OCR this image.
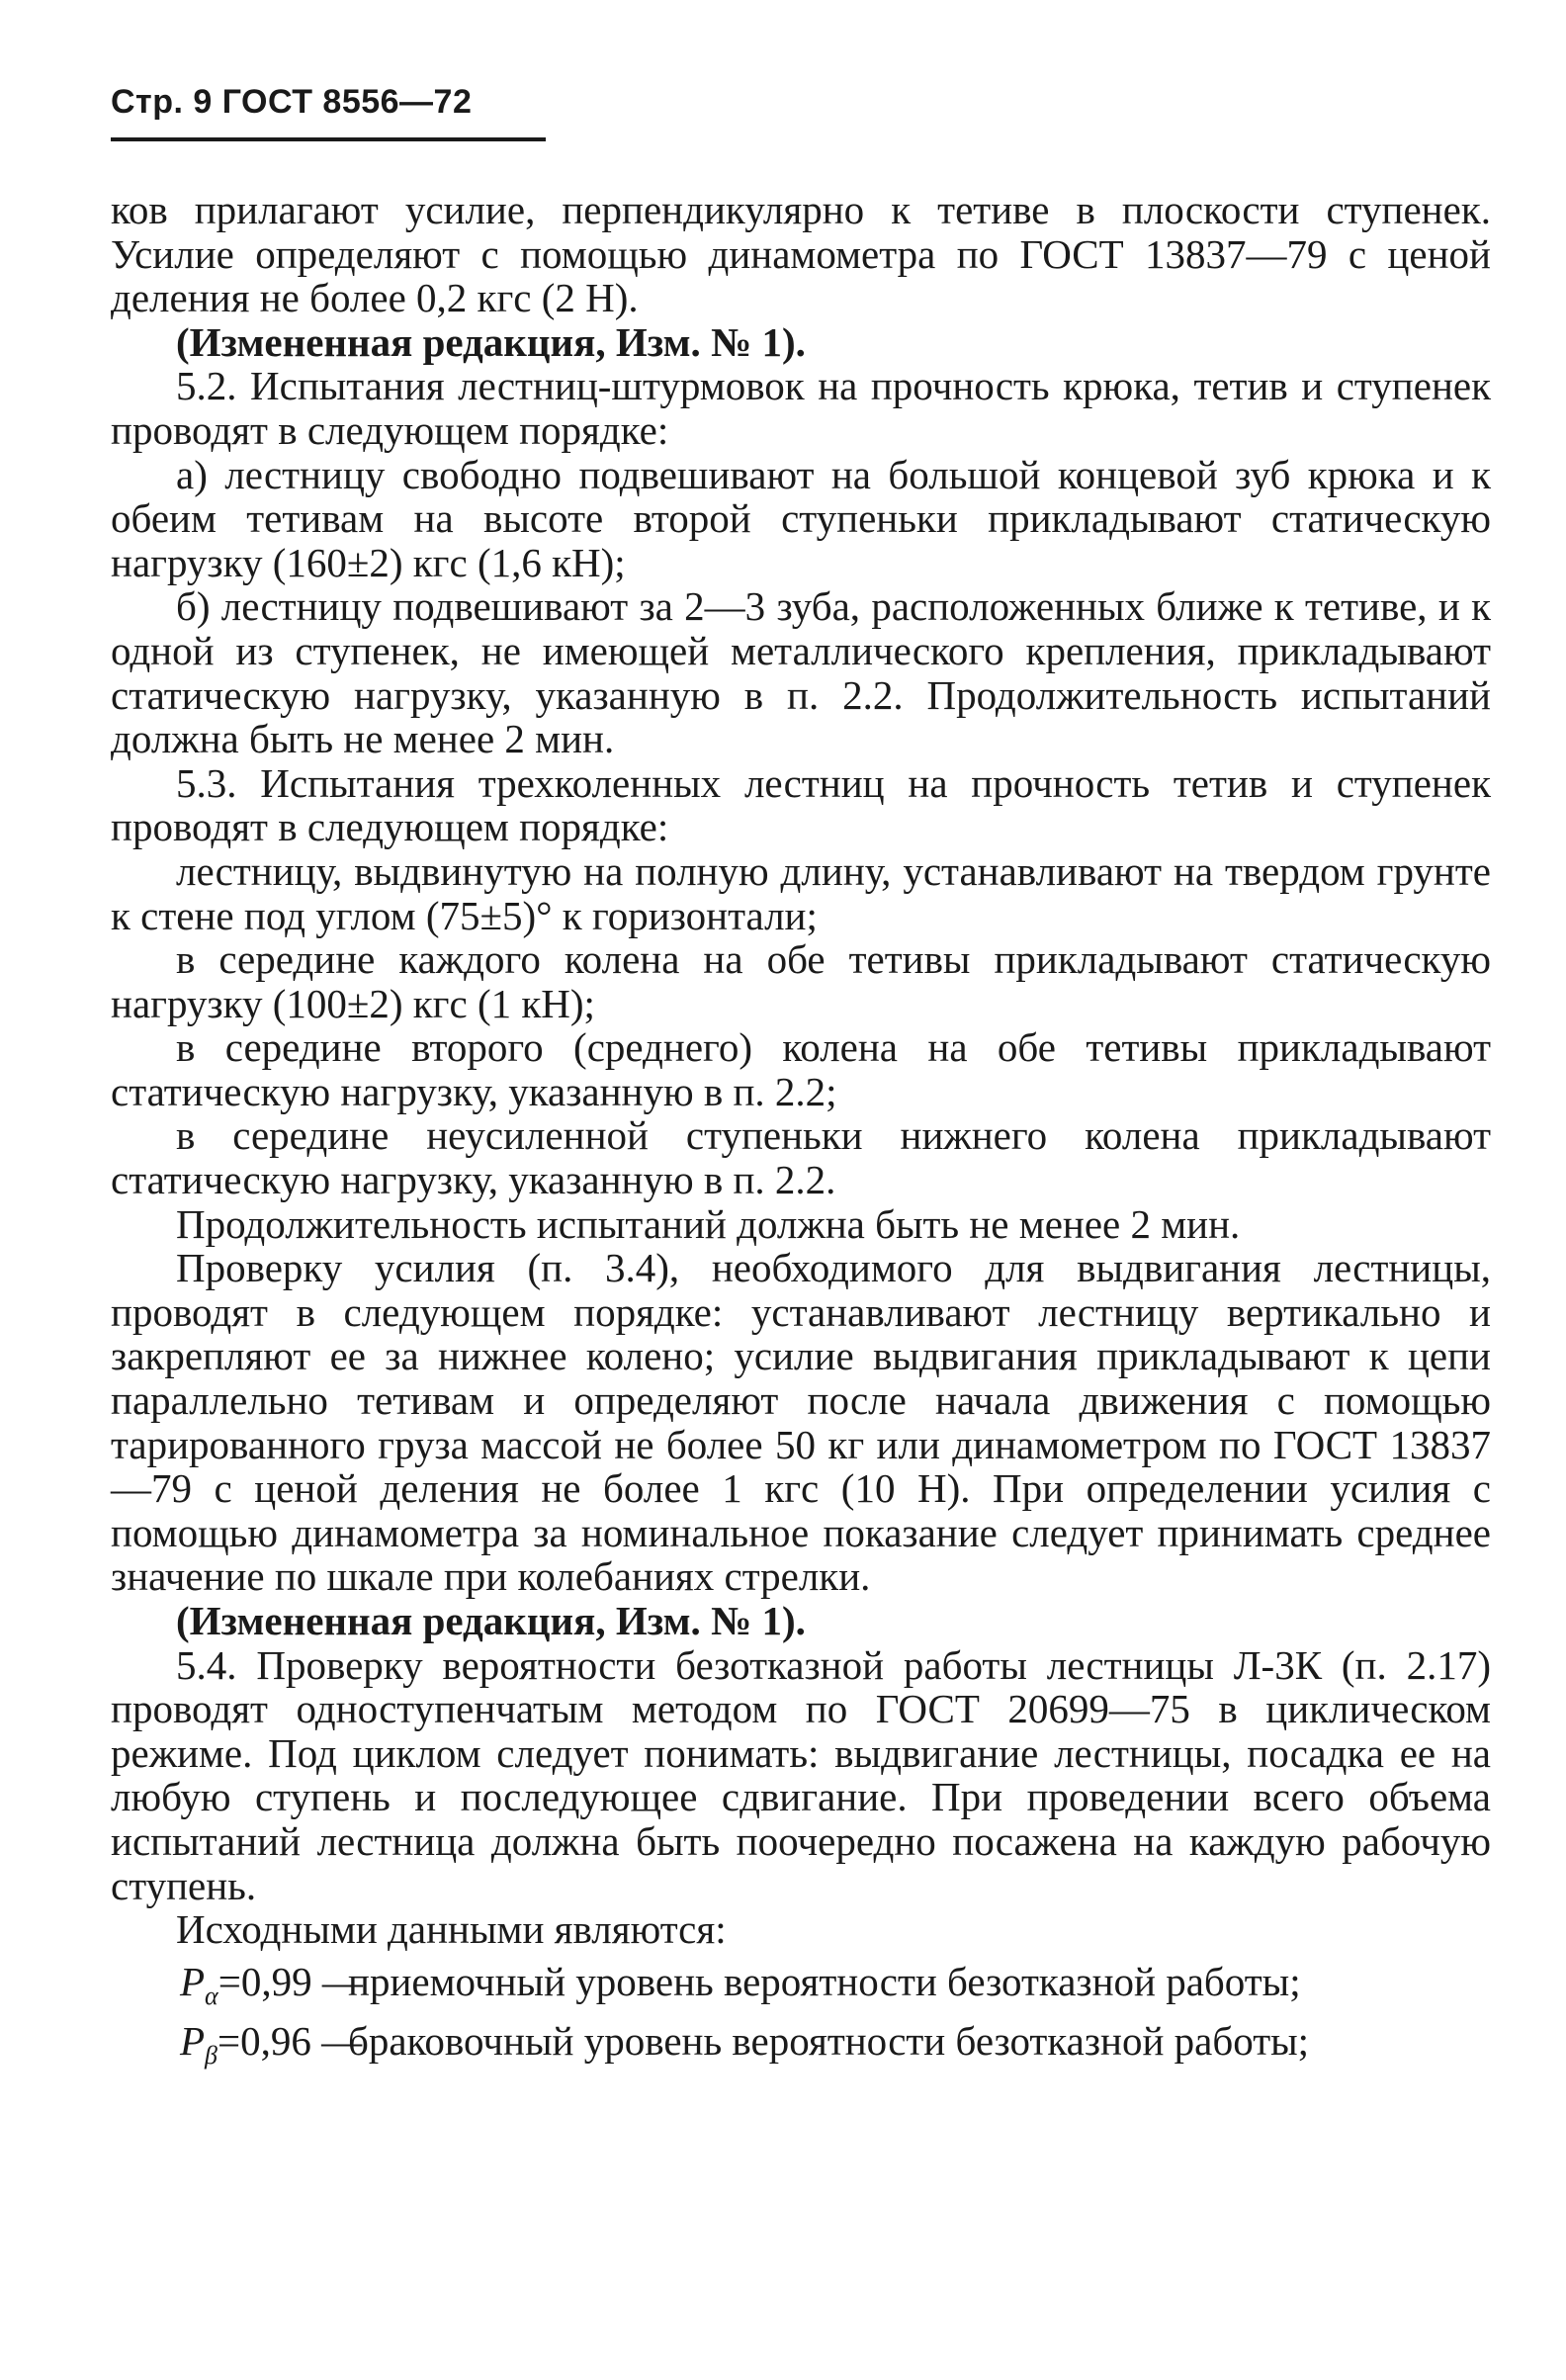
Стр. 9 ГОСТ 8556—72

ков прилагают усилие, перпендикулярно к тетиве в плоскости ступенек. Усилие определяют с помощью динамометра по ГОСТ 13837—79 с ценой деления не более 0,2 кгс (2 Н).

(Измененная редакция, Изм. № 1).

5.2. Испытания лестниц-штурмовок на прочность крюка, тетив и ступенек проводят в следующем порядке:

а) лестницу свободно подвешивают на большой концевой зуб крюка и к обеим тетивам на высоте второй ступеньки прикладывают статическую нагрузку (160±2) кгс (1,6 кН);

б) лестницу подвешивают за 2—3 зуба, расположенных ближе к тетиве, и к одной из ступенек, не имеющей металлического крепления, прикладывают статическую нагрузку, указанную в п. 2.2. Продолжительность испытаний должна быть не менее 2 мин.

5.3. Испытания трехколенных лестниц на прочность тетив и ступенек проводят в следующем порядке:

лестницу, выдвинутую на полную длину, устанавливают на твердом грунте к стене под углом (75±5)° к горизонтали;

в середине каждого колена на обе тетивы прикладывают статическую нагрузку (100±2) кгс (1 кН);

в середине второго (среднего) колена на обе тетивы прикладывают статическую нагрузку, указанную в п. 2.2;

в середине неусиленной ступеньки нижнего колена прикладывают статическую нагрузку, указанную в п. 2.2.

Продолжительность испытаний должна быть не менее 2 мин.

Проверку усилия (п. 3.4), необходимого для выдвигания лестницы, проводят в следующем порядке: устанавливают лестницу вертикально и закрепляют ее за нижнее колено; усилие выдвигания прикладывают к цепи параллельно тетивам и определяют после начала движения с помощью тарированного груза массой не более 50 кг или динамометром по ГОСТ 13837—79 с ценой деления не более 1 кгс (10 Н). При определении усилия с помощью динамометра за номинальное показание следует принимать среднее значение по шкале при колебаниях стрелки.

(Измененная редакция, Изм. № 1).

5.4. Проверку вероятности безотказной работы лестницы Л-3К (п. 2.17) проводят одноступенчатым методом по ГОСТ 20699—75 в циклическом режиме. Под циклом следует понимать: выдвигание лестницы, посадка ее на любую ступень и последующее сдвигание. При проведении всего объема испытаний лестница должна быть поочередно посажена на каждую рабочую ступень.

Исходными данными являются:

$P_\alpha=0,99$ —
приемочный уровень вероятности безотказной работы;
$P_\beta=0,96$ —
браковочный уровень вероятности безотказной работы;
